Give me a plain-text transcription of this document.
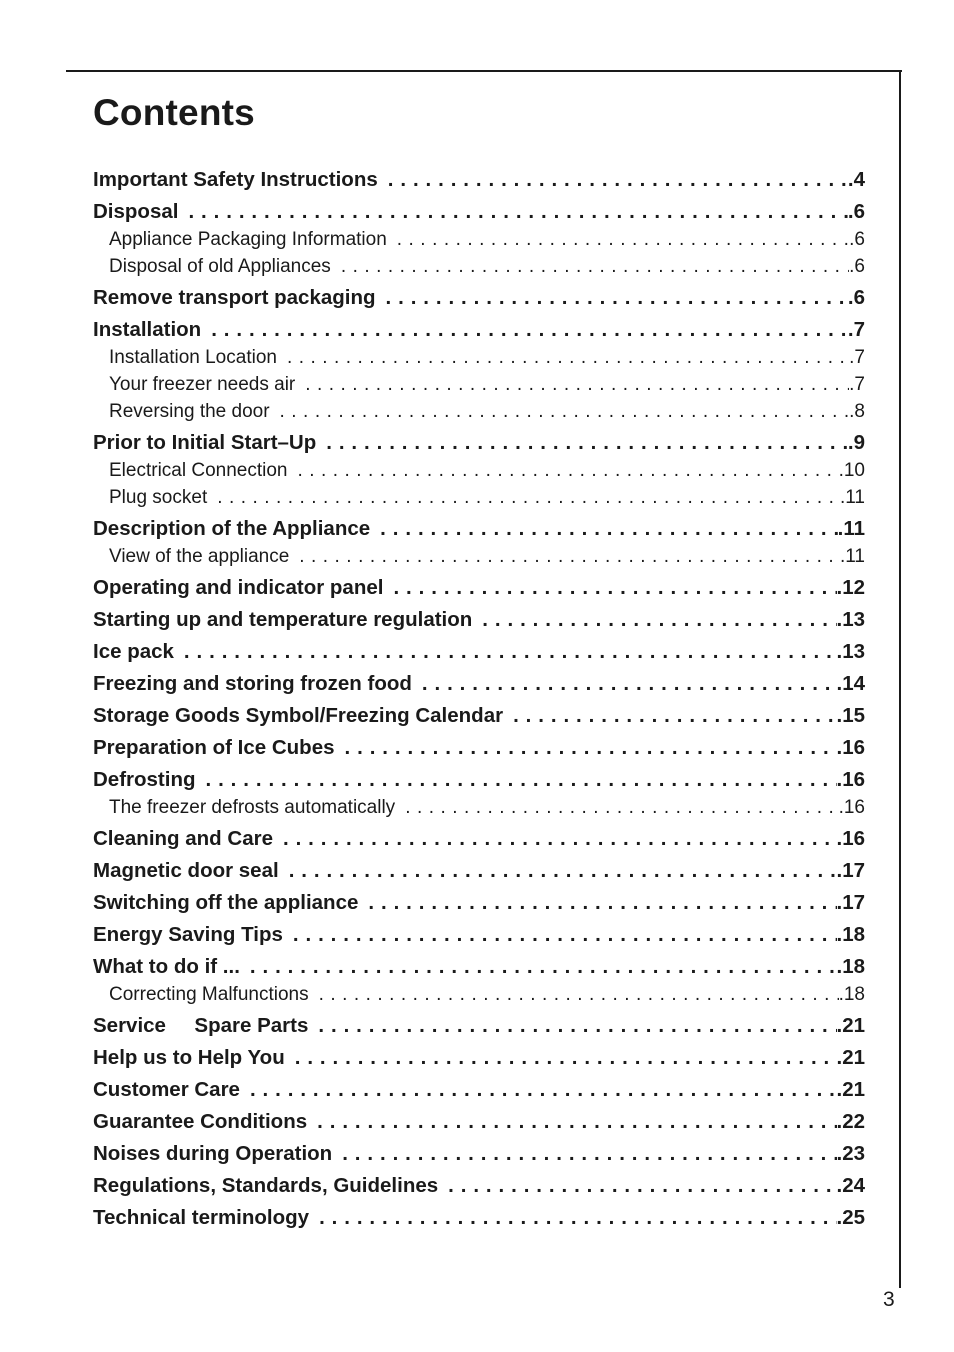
Contents
Important Safety Instructions . . .	.4
Disposal . . .	.6
Appliance Packaging Information . . .	.6
Disposal of old Appliances . . .	.6
Remove transport packaging . . .	.6
Installation . . .	.7
Installation Location . . .	.7
Your freezer needs air . . .	.7
Reversing the door . . .	.8
Prior to Initial Start–Up . . .	.9
Electrical Connection . . .	.10
Plug socket . . .	.11
Description of the Appliance . . .	.11
View of the appliance . . .	.11
Operating and indicator panel . . .	.12
Starting up and temperature regulation . . .	.13
Ice pack . . .	.13
Freezing and storing frozen food . . .	.14
Storage Goods Symbol/Freezing Calendar . . .	.15
Preparation of Ice Cubes . . .	.16
Defrosting . . .	.16
The freezer defrosts automatically . . .	.16
Cleaning and Care . . .	.16
Magnetic door seal . . .	.17
Switching off the appliance . . .	.17
Energy Saving Tips . . .	.18
What to do if ... . . .	.18
Correcting Malfunctions . . .	.18
Service     Spare Parts . . .	.21
Help us to Help You . . .	.21
Customer Care . . .	.21
Guarantee Conditions . . .	.22
Noises during Operation . . .	.23
Regulations, Standards, Guidelines . . .	.24
Technical terminology . . .	.25
3
